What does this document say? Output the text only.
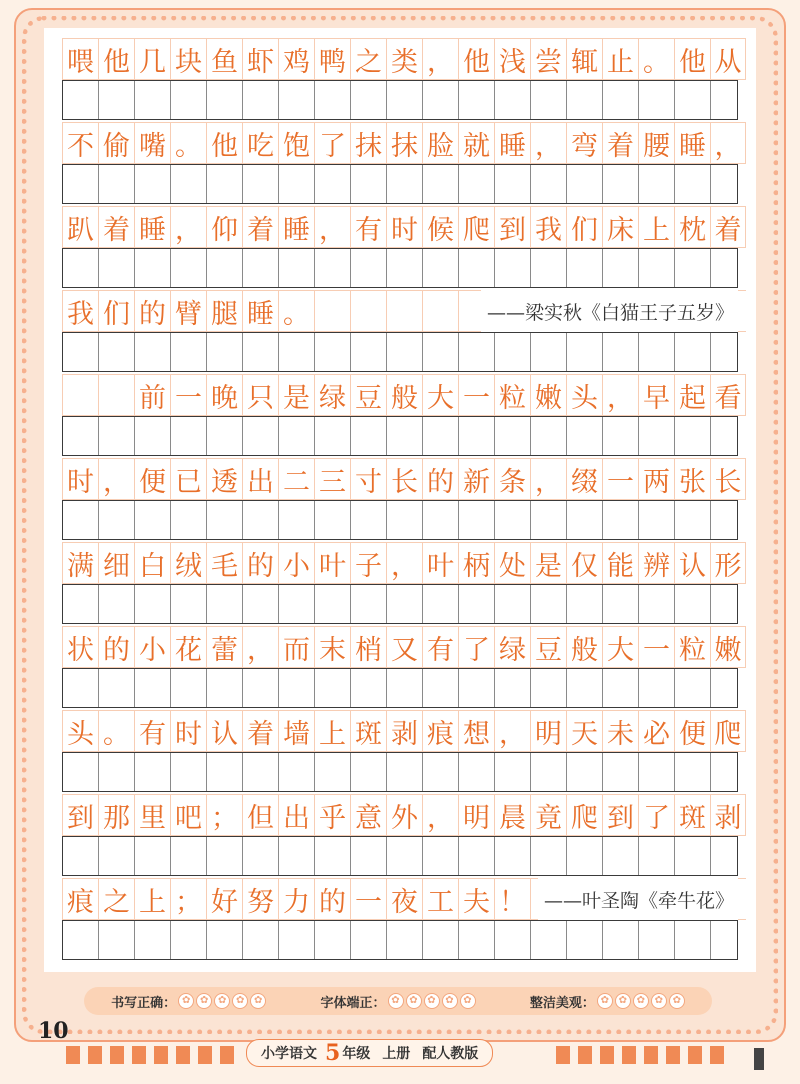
喂 他 几 块 鱼 虾 鸡 鸭 之 类 ， 他 浅 尝 辄 止 。 他 从
不 偷 嘴 。 他 吃 饱 了 抹 抹 脸 就 睡 ， 弯 着 腰 睡 ，
趴 着 睡 ， 仰 着 睡 ， 有 时 候 爬 到 我 们 床 上 枕 着
我 们 的 臂 腿 睡 。	——梁实秋《白猫王子五岁》
前 一 晚 只 是 绿 豆 般 大 一 粒 嫩 头 ， 早 起 看
时 ， 便 已 透 出 二 三 寸 长 的 新 条 ， 缀 一 两 张 长
满 细 白 绒 毛 的 小 叶 子 ， 叶 柄 处 是 仅 能 辨 认 形
状 的 小 花 蕾 ， 而 末 梢 又 有 了 绿 豆 般 大 一 粒 嫩
头 。 有 时 认 着 墙 上 斑 剥 痕 想 ， 明 天 未 必 便 爬
到 那 里 吧 ； 但 出 乎 意 外 ， 明 晨 竟 爬 到 了 斑 剥
痕 之 上 ； 好 努 力 的 一 夜 工 夫 ！ ——叶圣陶《牵牛花》
书写正确： ✿ ✿ ✿ ✿ ✿	字体端正： ✿ ✿ ✿ ✿ ✿	整洁美观： ✿ ✿ ✿ ✿ ✿
10
小学语文 5 年级 上册 配人教版
